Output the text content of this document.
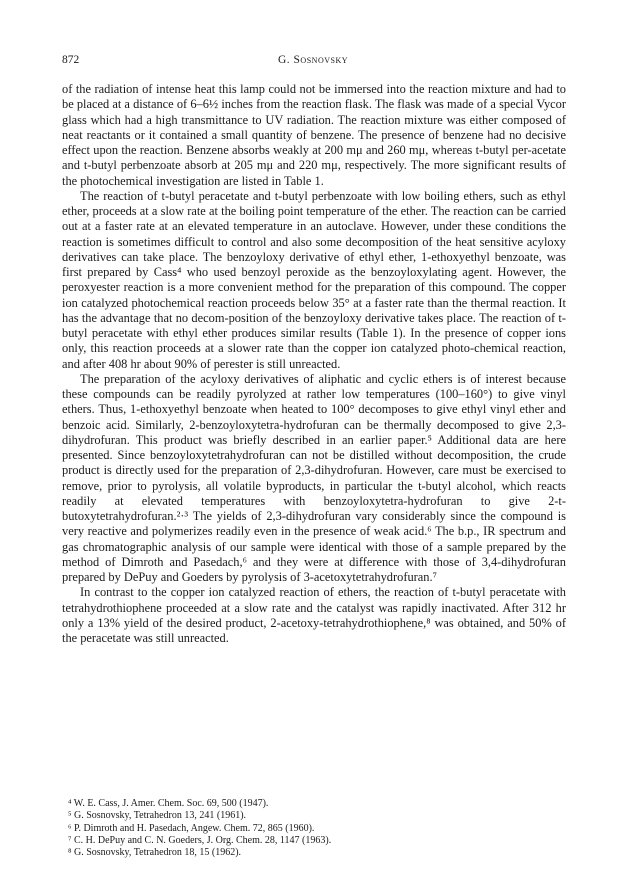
872	G. Sosnovsky

of the radiation of intense heat this lamp could not be immersed into the reaction mixture and had to be placed at a distance of 6–6½ inches from the reaction flask. The flask was made of a special Vycor glass which had a high transmittance to UV radiation. The reaction mixture was either composed of neat reactants or it contained a small quantity of benzene. The presence of benzene had no decisive effect upon the reaction. Benzene absorbs weakly at 200 mμ and 260 mμ, whereas t-butyl per-acetate and t-butyl perbenzoate absorb at 205 mμ and 220 mμ, respectively. The more significant results of the photochemical investigation are listed in Table 1.

The reaction of t-butyl peracetate and t-butyl perbenzoate with low boiling ethers, such as ethyl ether, proceeds at a slow rate at the boiling point temperature of the ether. The reaction can be carried out at a faster rate at an elevated temperature in an autoclave. However, under these conditions the reaction is sometimes difficult to control and also some decomposition of the heat sensitive acyloxy derivatives can take place. The benzoyloxy derivative of ethyl ether, 1-ethoxyethyl benzoate, was first prepared by Cass⁴ who used benzoyl peroxide as the benzoyloxylating agent. However, the peroxyester reaction is a more convenient method for the preparation of this compound. The copper ion catalyzed photochemical reaction proceeds below 35° at a faster rate than the thermal reaction. It has the advantage that no decom-position of the benzoyloxy derivative takes place. The reaction of t-butyl peracetate with ethyl ether produces similar results (Table 1). In the presence of copper ions only, this reaction proceeds at a slower rate than the copper ion catalyzed photo-chemical reaction, and after 408 hr about 90% of perester is still unreacted.

The preparation of the acyloxy derivatives of aliphatic and cyclic ethers is of interest because these compounds can be readily pyrolyzed at rather low temperatures (100–160°) to give vinyl ethers. Thus, 1-ethoxyethyl benzoate when heated to 100° decomposes to give ethyl vinyl ether and benzoic acid. Similarly, 2-benzoyloxytetra-hydrofuran can be thermally decomposed to give 2,3-dihydrofuran. This product was briefly described in an earlier paper.⁵ Additional data are here presented. Since benzoyloxytetrahydrofuran can not be distilled without decomposition, the crude product is directly used for the preparation of 2,3-dihydrofuran. However, care must be exercised to remove, prior to pyrolysis, all volatile byproducts, in particular the t-butyl alcohol, which reacts readily at elevated temperatures with benzoyloxytetra-hydrofuran to give 2-t-butoxytetrahydrofuran.²·³ The yields of 2,3-dihydrofuran vary considerably since the compound is very reactive and polymerizes readily even in the presence of weak acid.⁶ The b.p., IR spectrum and gas chromatographic analysis of our sample were identical with those of a sample prepared by the method of Dimroth and Pasedach,⁶ and they were at difference with those of 3,4-dihydrofuran prepared by DePuy and Goeders by pyrolysis of 3-acetoxytetrahydrofuran.⁷

In contrast to the copper ion catalyzed reaction of ethers, the reaction of t-butyl peracetate with tetrahydrothiophene proceeded at a slow rate and the catalyst was rapidly inactivated. After 312 hr only a 13% yield of the desired product, 2-acetoxy-tetrahydrothiophene,⁸ was obtained, and 50% of the peracetate was still unreacted.

⁴ W. E. Cass, J. Amer. Chem. Soc. 69, 500 (1947).
⁵ G. Sosnovsky, Tetrahedron 13, 241 (1961).
⁶ P. Dimroth and H. Pasedach, Angew. Chem. 72, 865 (1960).
⁷ C. H. DePuy and C. N. Goeders, J. Org. Chem. 28, 1147 (1963).
⁸ G. Sosnovsky, Tetrahedron 18, 15 (1962).
